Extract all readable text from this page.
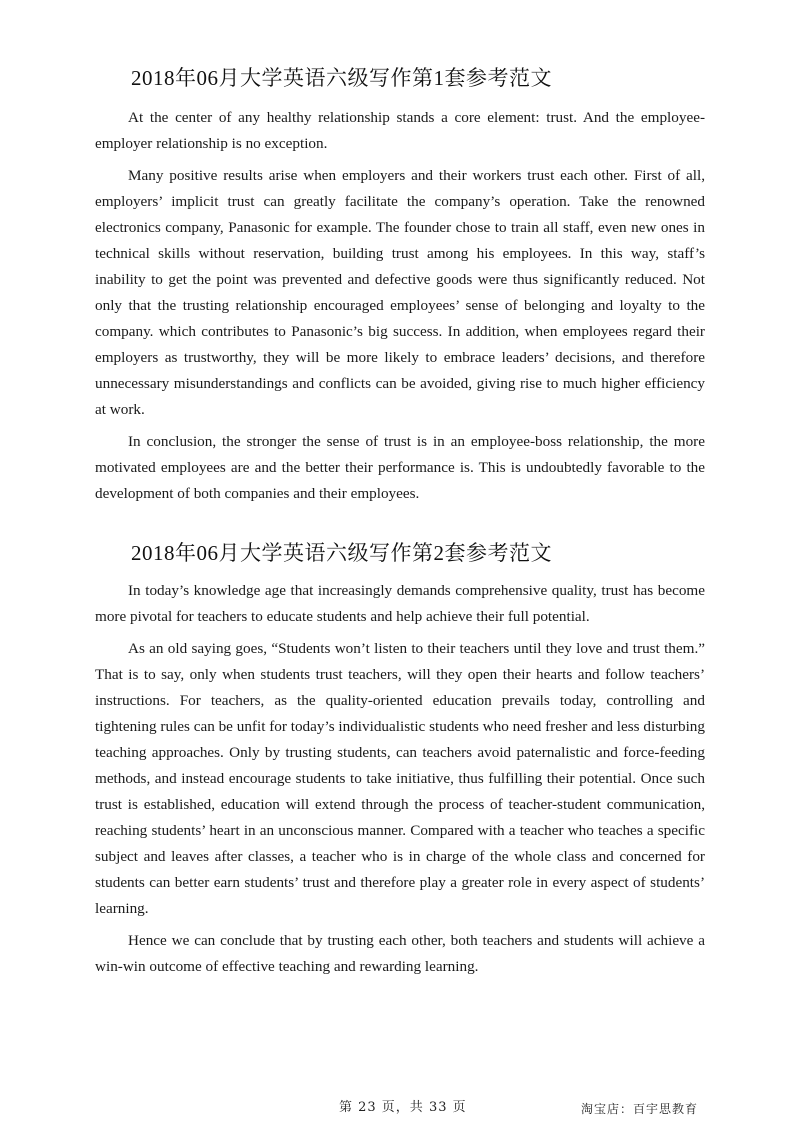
2018年06月大学英语六级写作第1套参考范文

At the center of any healthy relationship stands a core element: trust. And the employee-employer relationship is no exception.

Many positive results arise when employers and their workers trust each other. First of all, employers’ implicit trust can greatly facilitate the company’s operation. Take the renowned electronics company, Panasonic for example. The founder chose to train all staff, even new ones in technical skills without reservation, building trust among his employees. In this way, staff’s inability to get the point was prevented and defective goods were thus significantly reduced. Not only that the trusting relationship encouraged employees’ sense of belonging and loyalty to the company. which contributes to Panasonic’s big success. In addition, when employees regard their employers as trustworthy, they will be more likely to embrace leaders’ decisions, and therefore unnecessary misunderstandings and conflicts can be avoided, giving rise to much higher efficiency at work.

In conclusion, the stronger the sense of trust is in an employee-boss relationship, the more motivated employees are and the better their performance is. This is undoubtedly favorable to the development of both companies and their employees.

2018年06月大学英语六级写作第2套参考范文

In today’s knowledge age that increasingly demands comprehensive quality, trust has become more pivotal for teachers to educate students and help achieve their full potential.

As an old saying goes, “Students won’t listen to their teachers until they love and trust them.” That is to say, only when students trust teachers, will they open their hearts and follow teachers’ instructions. For teachers, as the quality-oriented education prevails today, controlling and tightening rules can be unfit for today’s individualistic students who need fresher and less disturbing teaching approaches. Only by trusting students, can teachers avoid paternalistic and force-feeding methods, and instead encourage students to take initiative, thus fulfilling their potential. Once such trust is established, education will extend through the process of teacher-student communication, reaching students’ heart in an unconscious manner. Compared with a teacher who teaches a specific subject and leaves after classes, a teacher who is in charge of the whole class and concerned for students can better earn students’ trust and therefore play a greater role in every aspect of students’ learning.

Hence we can conclude that by trusting each other, both teachers and students will achieve a win-win outcome of effective teaching and rewarding learning.

第 23 页，共 33 页	淘宝店：百宇思教育
